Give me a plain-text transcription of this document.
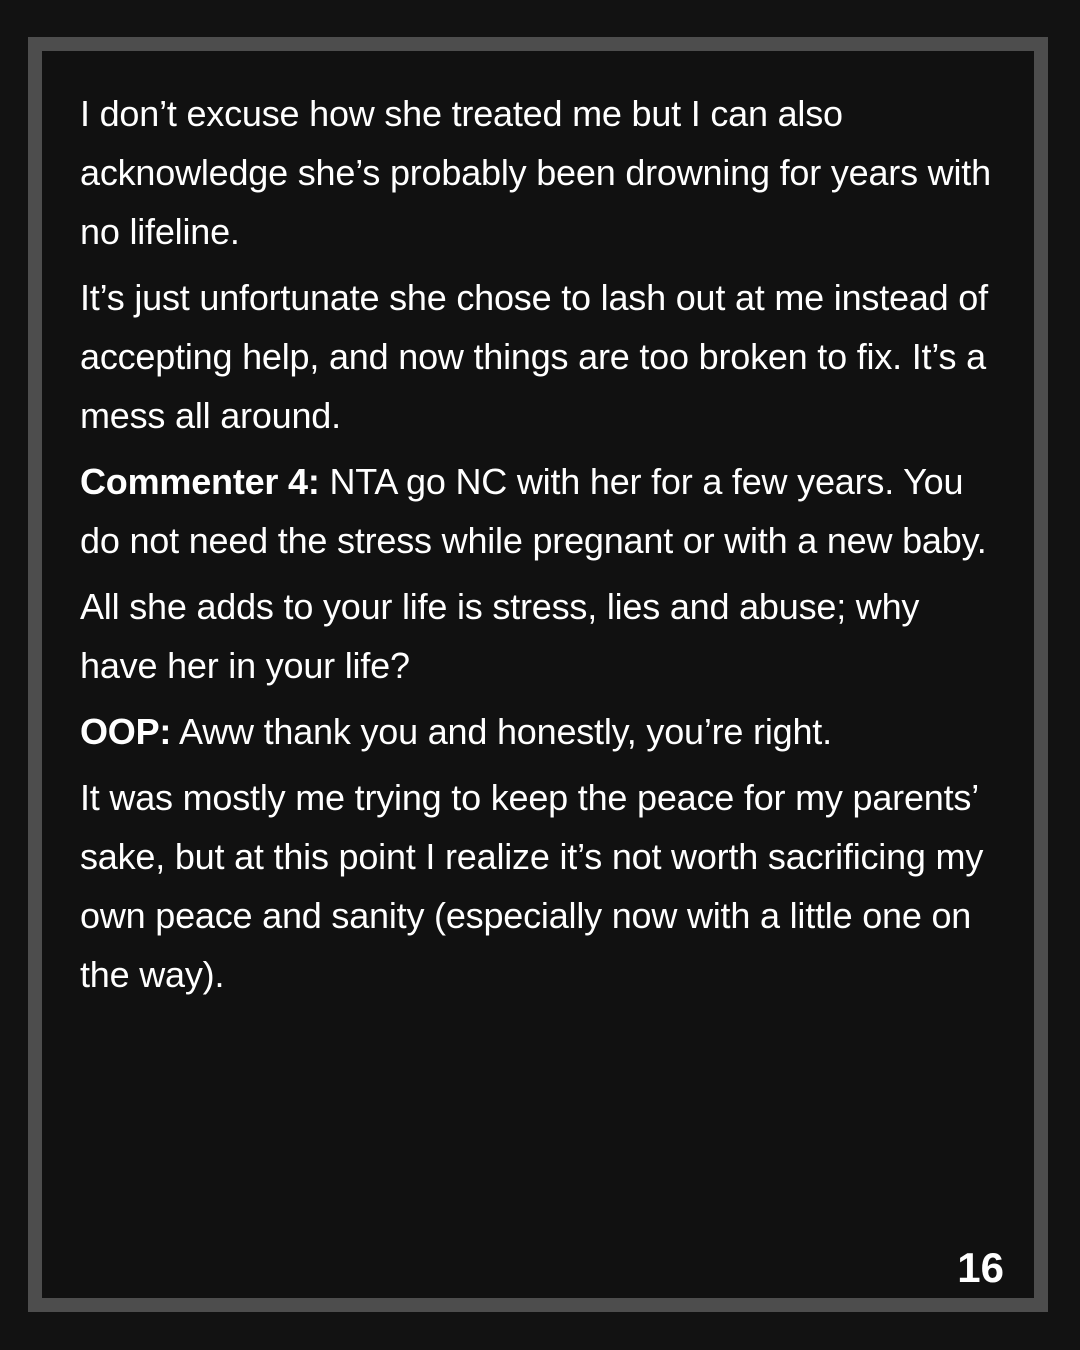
I don’t excuse how she treated me but I can also acknowledge she’s probably been drowning for years with no lifeline.

It’s just unfortunate she chose to lash out at me instead of accepting help, and now things are too broken to fix. It’s a mess all around.

Commenter 4: NTA go NC with her for a few years. You do not need the stress while pregnant or with a new baby.

All she adds to your life is stress, lies and abuse; why have her in your life?

OOP: Aww thank you and honestly, you’re right.

It was mostly me trying to keep the peace for my parents’ sake, but at this point I realize it’s not worth sacrificing my own peace and sanity (especially now with a little one on the way).

16
